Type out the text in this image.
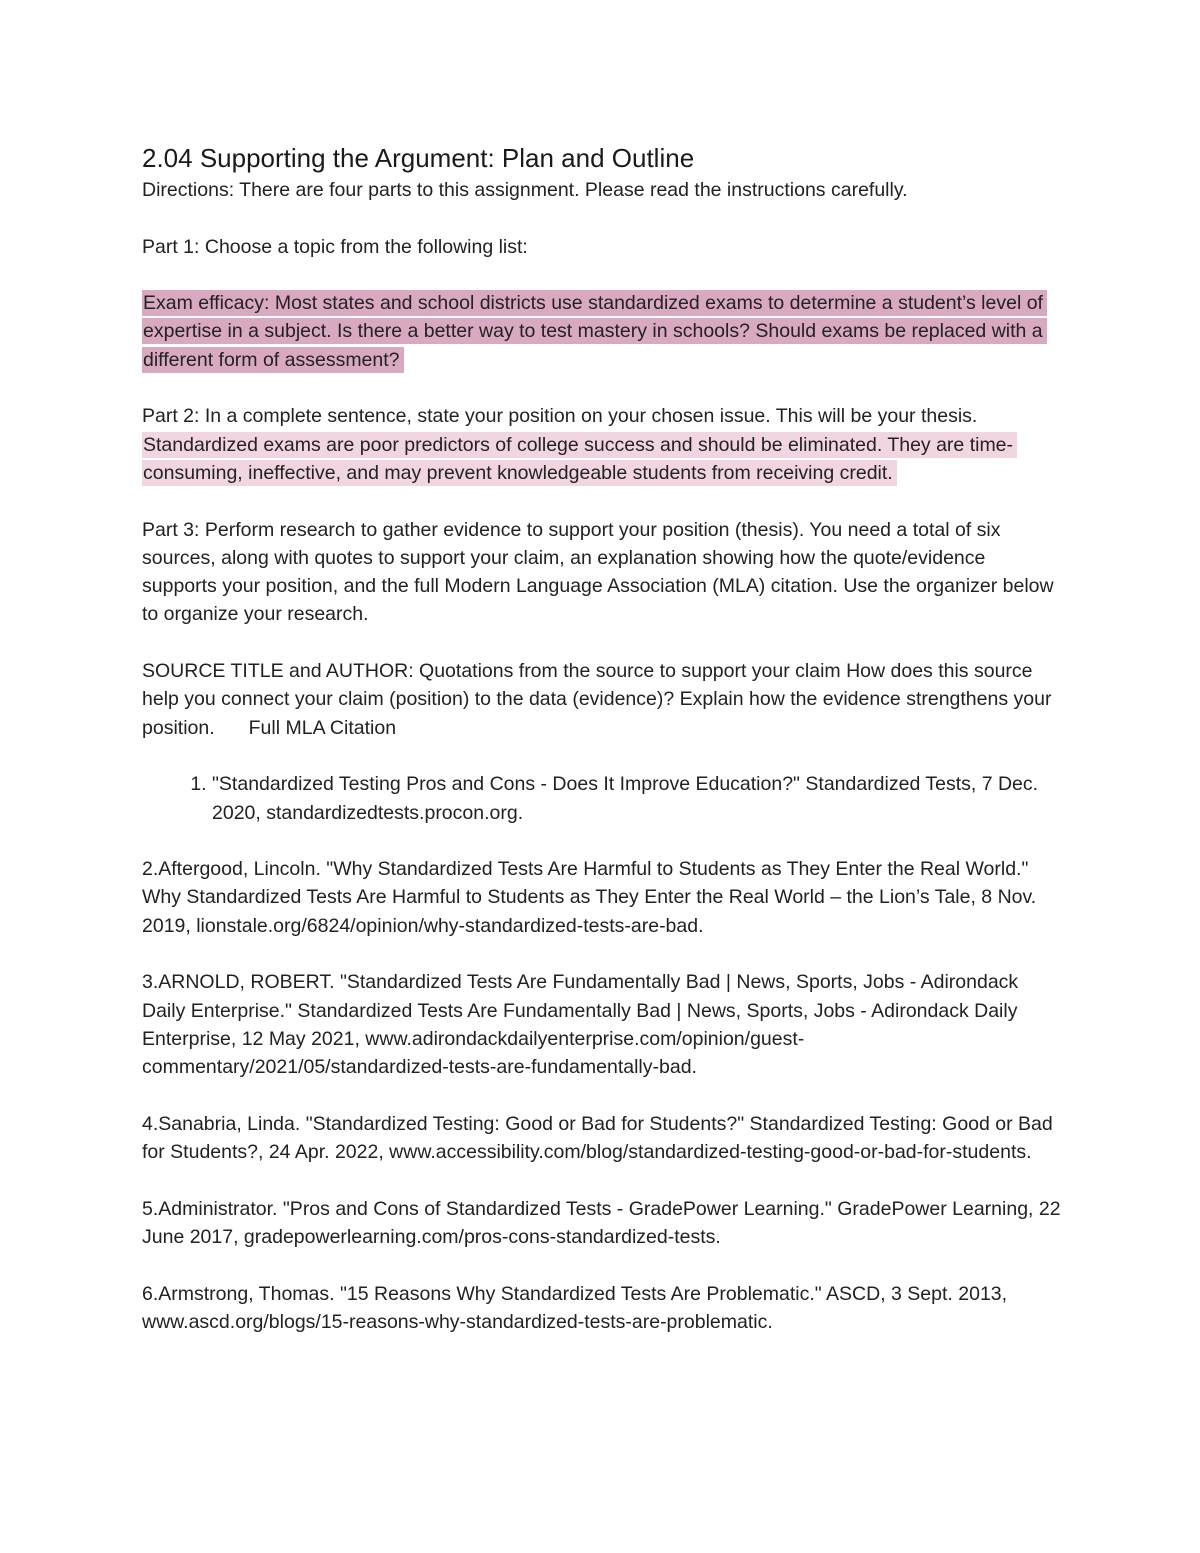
2.04 Supporting the Argument: Plan and Outline

Directions: There are four parts to this assignment. Please read the instructions carefully.

Part 1: Choose a topic from the following list:

Exam efficacy: Most states and school districts use standardized exams to determine a student’s level of expertise in a subject. Is there a better way to test mastery in schools? Should exams be replaced with a different form of assessment?

Part 2: In a complete sentence, state your position on your chosen issue. This will be your thesis.

Standardized exams are poor predictors of college success and should be eliminated. They are time-consuming, ineffective, and may prevent knowledgeable students from receiving credit.

Part 3: Perform research to gather evidence to support your position (thesis). You need a total of six sources, along with quotes to support your claim, an explanation showing how the quote/evidence supports your position, and the full Modern Language Association (MLA) citation. Use the organizer below to organize your research.

SOURCE TITLE and AUTHOR: Quotations from the source to support your claim How does this source help you connect your claim (position) to the data (evidence)? Explain how the evidence strengthens your position. Full MLA Citation

1. "Standardized Testing Pros and Cons - Does It Improve Education?" Standardized Tests, 7 Dec. 2020, standardizedtests.procon.org.

2.Aftergood, Lincoln. "Why Standardized Tests Are Harmful to Students as They Enter the Real World." Why Standardized Tests Are Harmful to Students as They Enter the Real World – the Lion’s Tale, 8 Nov. 2019, lionstale.org/6824/opinion/why-standardized-tests-are-bad.

3.ARNOLD, ROBERT. "Standardized Tests Are Fundamentally Bad | News, Sports, Jobs - Adirondack Daily Enterprise." Standardized Tests Are Fundamentally Bad | News, Sports, Jobs - Adirondack Daily Enterprise, 12 May 2021, www.adirondackdailyenterprise.com/opinion/guest-commentary/2021/05/standardized-tests-are-fundamentally-bad.

4.Sanabria, Linda. "Standardized Testing: Good or Bad for Students?" Standardized Testing: Good or Bad for Students?, 24 Apr. 2022, www.accessibility.com/blog/standardized-testing-good-or-bad-for-students.

5.Administrator. "Pros and Cons of Standardized Tests - GradePower Learning." GradePower Learning, 22 June 2017, gradepowerlearning.com/pros-cons-standardized-tests.

6.Armstrong, Thomas. "15 Reasons Why Standardized Tests Are Problematic." ASCD, 3 Sept. 2013, www.ascd.org/blogs/15-reasons-why-standardized-tests-are-problematic.
